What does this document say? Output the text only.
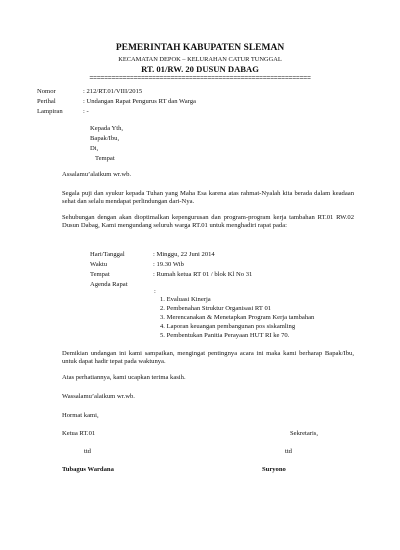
PEMERINTAH KABUPATEN SLEMAN
KECAMATAN DEPOK – KELURAHAN CATUR TUNGGAL
RT. 01/RW. 20 DUSUN DABAG
============================================================
Nomor	: 212/RT.01/VIII/2015
Perihal	: Undangan Rapat Pengurus RT dan Warga
Lampiran	: -
Kepada Yth,
Bapak/Ibu,
Di,
Tempat
Assalamu’alaikum wr.wb.
Segala puji dan syukur kepada Tuhan yang Maha Esa karena atas rahmat-Nyalah kita berada dalam keadaan sehat dan selalu mendapat perlindungan dari-Nya.
Sehubungan dengan akan dioptimalkan kepengurusan dan program-program kerja tambahan RT.01 RW.02 Dusun Dabag, Kami mengundang seluruh warga RT.01 untuk menghadiri rapat pada:
Hari/Tanggal	: Minggu, 22 Juni 2014
Waktu	: 19.30 Wib
Tempat	: Rumah ketua RT 01 / blok Kl No 31
Agenda Rapat
:
1. Evaluasi Kinerja
2. Pembenahan Struktur Organisasi RT 01
3. Merencanakan & Menetapkan Program Kerja tambahan
4. Laporan keuangan pembangunan pos siskamling
5. Pembentukan Panitia Perayaan HUT RI ke 70.
Demikian undangan ini kami sampaikan, mengingat pentingnya acara ini maka kami berharap Bapak/Ibu, untuk dapat hadir tepat pada waktunya.
Atas perhatiannya, kami ucapkan terima kasih.
Wassalamu’alaikum wr.wb.
Hormat kami,
Ketua RT.01
ttd
Tubagus Wardana
Sekretaris,
ttd
Suryono
